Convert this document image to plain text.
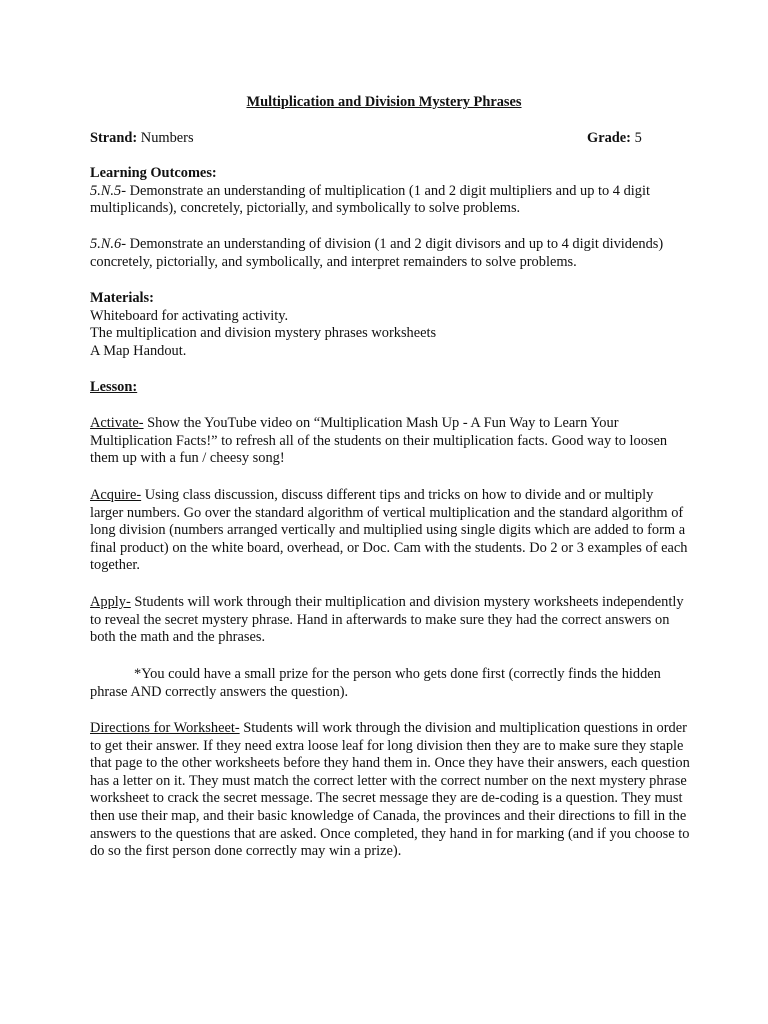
Multiplication and Division Mystery Phrases
Strand: Numbers	Grade: 5

Learning Outcomes:

5.N.5- Demonstrate an understanding of multiplication (1 and 2 digit multipliers and up to 4 digit multiplicands), concretely, pictorially, and symbolically to solve problems.

5.N.6- Demonstrate an understanding of division (1 and 2 digit divisors and up to 4 digit dividends) concretely, pictorially, and symbolically, and interpret remainders to solve problems.

Materials:

Whiteboard for activating activity.

The multiplication and division mystery phrases worksheets

A Map Handout.

Lesson:

Activate- Show the YouTube video on “Multiplication Mash Up - A Fun Way to Learn Your Multiplication Facts!” to refresh all of the students on their multiplication facts. Good way to loosen them up with a fun / cheesy song!

Acquire- Using class discussion, discuss different tips and tricks on how to divide and or multiply larger numbers. Go over the standard algorithm of vertical multiplication and the standard algorithm of long division (numbers arranged vertically and multiplied using single digits which are added to form a final product) on the white board, overhead, or Doc. Cam with the students. Do 2 or 3 examples of each together.

Apply- Students will work through their multiplication and division mystery worksheets independently to reveal the secret mystery phrase. Hand in afterwards to make sure they had the correct answers on both the math and the phrases.

*You could have a small prize for the person who gets done first (correctly finds the hidden phrase AND correctly answers the question).

Directions for Worksheet- Students will work through the division and multiplication questions in order to get their answer. If they need extra loose leaf for long division then they are to make sure they staple that page to the other worksheets before they hand them in. Once they have their answers, each question has a letter on it. They must match the correct letter with the correct number on the next mystery phrase worksheet to crack the secret message. The secret message they are de-coding is a question. They must then use their map, and their basic knowledge of Canada, the provinces and their directions to fill in the answers to the questions that are asked. Once completed, they hand in for marking (and if you choose to do so the first person done correctly may win a prize).
